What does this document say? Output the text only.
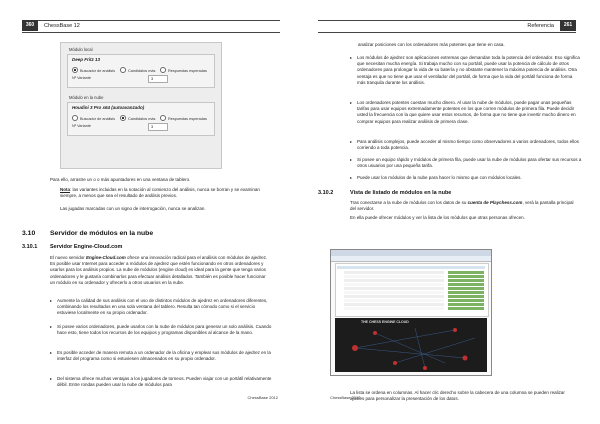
360	ChessBase 12
Módulo local
Deep Fritz 13
Buscador de análisis	Candidatos más	Respuestas esperadas
Nº Variante	3
Módulo en la nube
Houdini 3 Pro x64 (autoavanzado)
Buscador de análisis	Candidatos más	Respuestas esperadas
Nº Variante	3
Para ello, arrastre un o o más apuntadores en una ventana de tablero.
Nota: las variantes incluidas en la notación al comienzo del análisis, nunca se borran y se examinan siempre, a menos que sea el resultado de análisis previos.
Las jugadas marcadas con un signo de interrogación, nunca se analizan.
3.10 Servidor de módulos en la nube
3.10.1 Servidor Engine-Cloud.com
El nuevo servidor Engine-Cloud.com ofrece una innovación radical para el análisis con módulos de ajedrez. Es posible usar Internet para acceder a módulos de ajedrez que estén funcionando en otros ordenadores y usarlos para los análisis propios. La nube de módulos (engine cloud) es ideal para la gente que tenga varios ordenadores y le gustaría combinarlos para efectuar análisis detallados. También es posible hacer funcionar un módulo en su ordenador y ofrecerlo a otros usuarios en la nube.
▸ Aumente la calidad de sus análisis con el uso de distintos módulos de ajedrez en ordenadores diferentes, combinando los resultados en una sola ventana del tablero. Resulta tan cómodo como si el servicio estuviese localmente en su propio ordenador.
▸ Si posee varios ordenadores, puede usarlos con la nube de módulos para generar un solo análisis. Cuando hace esto, tiene todos los recursos de los equipos y programas disponibles al alcance de la mano.
▸ Es posible acceder de manera remota a un ordenador de la oficina y emplear sus módulos de ajedrez en la interfaz del programa como si estuviesen almacenados en su propio ordenador.
▸ Del sistema ofrece muchas ventajas a los jugadores de torneos. Pueden viajar con un portátil relativamente débil. Entre rondas pueden usar la nube de módulos para
ChessBase 2012
Referencia	261
analizar posiciones con los ordenadores más potentes que tiene en casa.
▸ Los módulos de ajedrez son aplicaciones extremas que demandan toda la potencia del ordenador. Eso significa que necesitan mucha energía. Si trabaja mucho con su portátil, puede usar la potencia de cálculo de otros ordenadores para prolongar la vida de su batería y no obstante mantener la máxima potencia de análisis. Otra ventaja es que no tiene que usar el ventilador del portátil, de forma que la vida del portátil funciona de forma más tranquila durante los análisis.
▸ Los ordenadores potentes cuestan mucho dinero. Al usar la nube de módulos, puede pagar unas pequeñas tarifas para usar equipos extremadamente potentes en los que corren módulos de primera fila. Puede decidir usted la frecuencia con la que quiere usar estos recursos, de forma que no tiene que invertir mucho dinero en comprar equipos para realizar análisis de primera clase.
▸ Para análisis complejos, puede acceder al mismo tiempo como observadores a varios ordenadores, todos ellos corriendo a toda potencia.
▸ Si posee un equipo rápido y módulos de primera fila, puede usar la nube de módulos para ofertar sus recursos a otros usuarios por una pequeña tarifa.
▸ Puede usar los módulos de la nube para hacer lo mismo que con módulos locales.
3.10.2	Vista de listado de módulos en la nube
Tras conectarse a la nube de módulos con los datos de su cuenta de Playchess.com, verá la pantalla principal del servidor.
En ella puede ofrecer módulos y ver la lista de los módulos que otras personas ofrecen.
La lista se ordena en columnas. Al hacer clic derecho sobre la cabecera de una columna se pueden realizar ajustes para personalizar la presentación de los datos.
ChessBase 2012
THE CHESS ENGINE CLOUD
